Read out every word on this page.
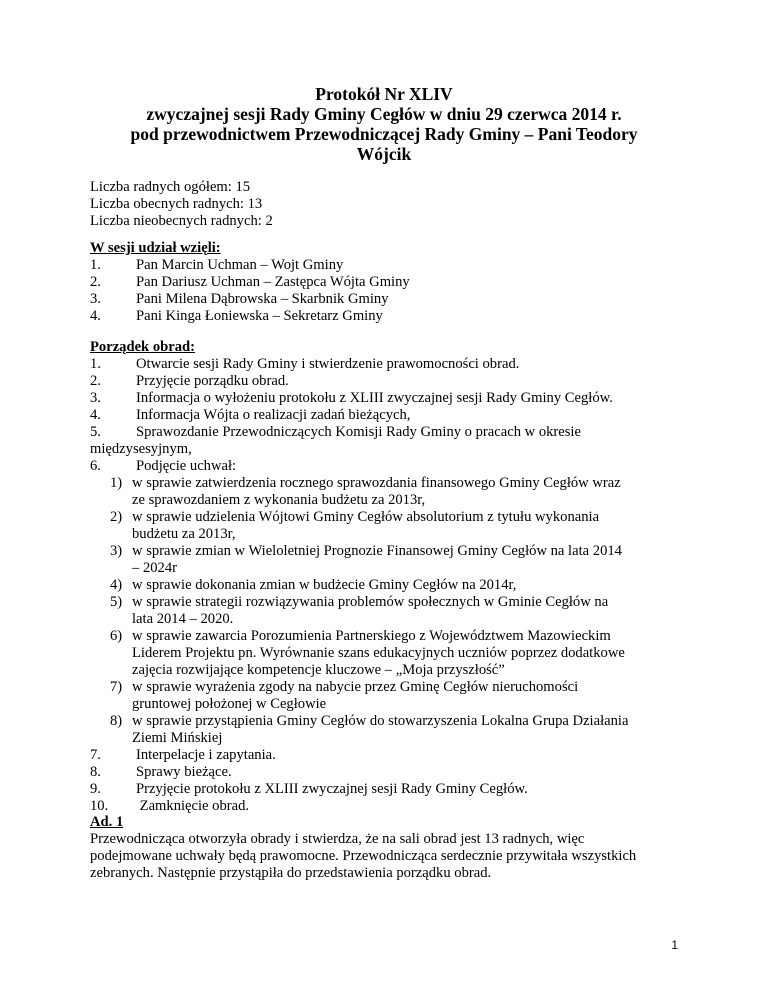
Protokół Nr XLIV
zwyczajnej sesji Rady Gminy Cegłów w dniu 29 czerwca 2014 r.
pod przewodnictwem Przewodniczącej Rady Gminy – Pani Teodory
Wójcik
Liczba radnych ogółem: 15
Liczba obecnych radnych: 13
Liczba nieobecnych radnych: 2
W sesji udział wzięli:
1. Pan Marcin Uchman – Wojt Gminy
2. Pan Dariusz Uchman – Zastępca Wójta Gminy
3. Pani Milena Dąbrowska – Skarbnik Gminy
4. Pani Kinga Łoniewska – Sekretarz Gminy
Porządek obrad:
1. Otwarcie sesji Rady Gminy i stwierdzenie prawomocności obrad.
2. Przyjęcie porządku obrad.
3. Informacja o wyłożeniu protokołu z XLIII zwyczajnej sesji Rady Gminy Cegłów.
4. Informacja Wójta o realizacji zadań bieżących,
5. Sprawozdanie Przewodniczących Komisji Rady Gminy o pracach w okresie
międzysesyjnym,
6. Podjęcie uchwał:
1) w sprawie zatwierdzenia rocznego sprawozdania finansowego Gminy Cegłów wraz
ze sprawozdaniem z wykonania budżetu za 2013r,
2) w sprawie udzielenia Wójtowi Gminy Cegłów absolutorium z tytułu wykonania
budżetu za 2013r,
3) w sprawie zmian w Wieloletniej Prognozie Finansowej Gminy Cegłów na lata 2014
– 2024r
4) w sprawie dokonania zmian w budżecie Gminy Cegłów na 2014r,
5) w sprawie strategii rozwiązywania problemów społecznych w Gminie Cegłów na
lata 2014 – 2020.
6) w sprawie zawarcia Porozumienia Partnerskiego z Województwem Mazowieckim
Liderem Projektu pn. Wyrównanie szans edukacyjnych uczniów poprzez dodatkowe
zajęcia rozwijające kompetencje kluczowe – „Moja przyszłość”
7) w sprawie wyrażenia zgody na nabycie przez Gminę Cegłów nieruchomości
gruntowej położonej w Cegłowie
8) w sprawie przystąpienia Gminy Cegłów do stowarzyszenia Lokalna Grupa Działania
Ziemi Mińskiej
7. Interpelacje i zapytania.
8. Sprawy bieżące.
9. Przyjęcie protokołu z XLIII zwyczajnej sesji Rady Gminy Cegłów.
10. Zamknięcie obrad.
Ad. 1
Przewodnicząca otworzyła obrady i stwierdza, że na sali obrad jest 13 radnych, więc
podejmowane uchwały będą prawomocne. Przewodnicząca serdecznie przywitała wszystkich
zebranych. Następnie przystąpiła do przedstawienia porządku obrad.
1
